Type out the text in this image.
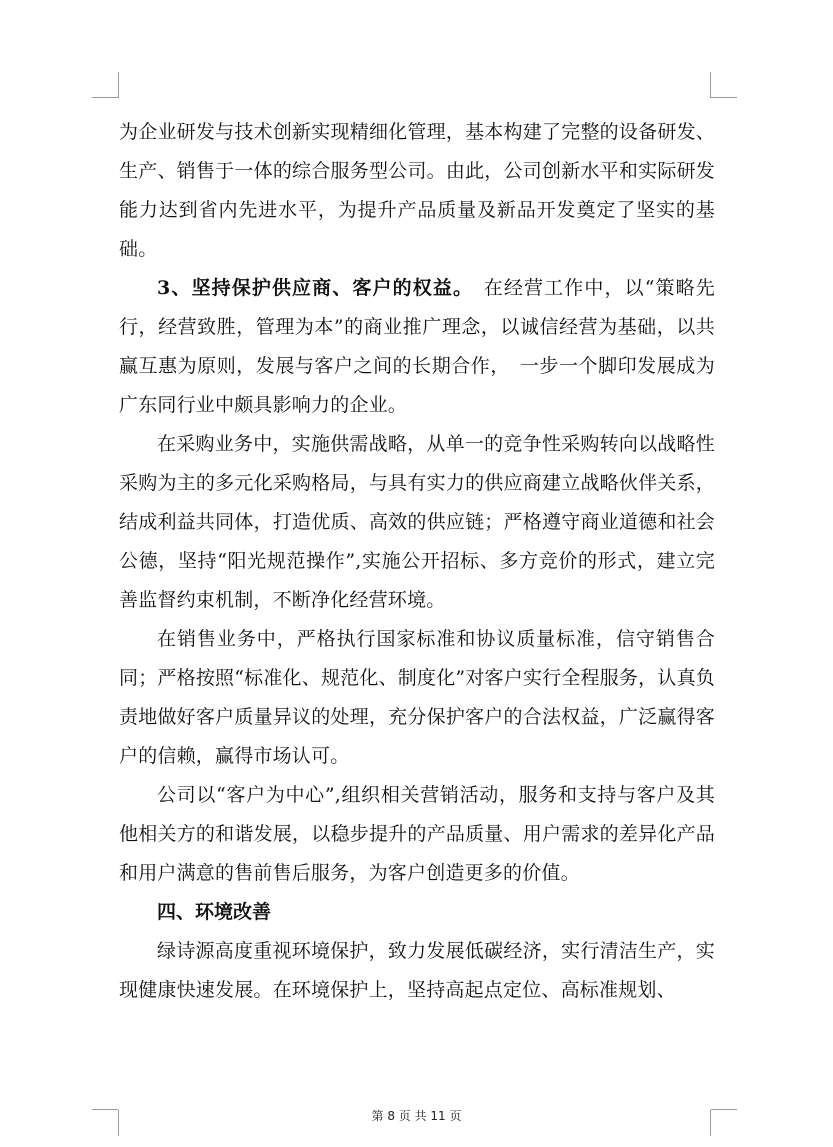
为企业研发与技术创新实现精细化管理，基本构建了完整的设备研发、生产、销售于一体的综合服务型公司。由此，公司创新水平和实际研发能力达到省内先进水平，为提升产品质量及新品开发奠定了坚实的基础。

3、坚持保护供应商、客户的权益。　 在经营工作中，以“策略先行，经营致胜，管理为本”的商业推广理念，以诚信经营为基础，以共赢互惠为原则，发展与客户之间的长期合作，　一步一个脚印发展成为广东同行业中颇具影响力的企业。

在采购业务中，实施供需战略，从单一的竞争性采购转向以战略性采购为主的多元化采购格局，与具有实力的供应商建立战略伙伴关系，结成利益共同体，打造优质、高效的供应链；严格遵守商业道德和社会公德，坚持“阳光规范操作”,实施公开招标、多方竞价的形式，建立完善监督约束机制，不断净化经营环境。

在销售业务中，严格执行国家标准和协议质量标准，信守销售合同；严格按照“标准化、规范化、制度化”对客户实行全程服务，认真负责地做好客户质量异议的处理，充分保护客户的合法权益，广泛赢得客户的信赖，赢得市场认可。

公司以“客户为中心”,组织相关营销活动，服务和支持与客户及其他相关方的和谐发展，以稳步提升的产品质量、用户需求的差异化产品和用户满意的售前售后服务，为客户创造更多的价值。

四、环境改善

绿诗源高度重视环境保护，致力发展低碳经济，实行清洁生产，实现健康快速发展。在环境保护上，坚持高起点定位、高标准规划、

第 8 页 共 11 页
